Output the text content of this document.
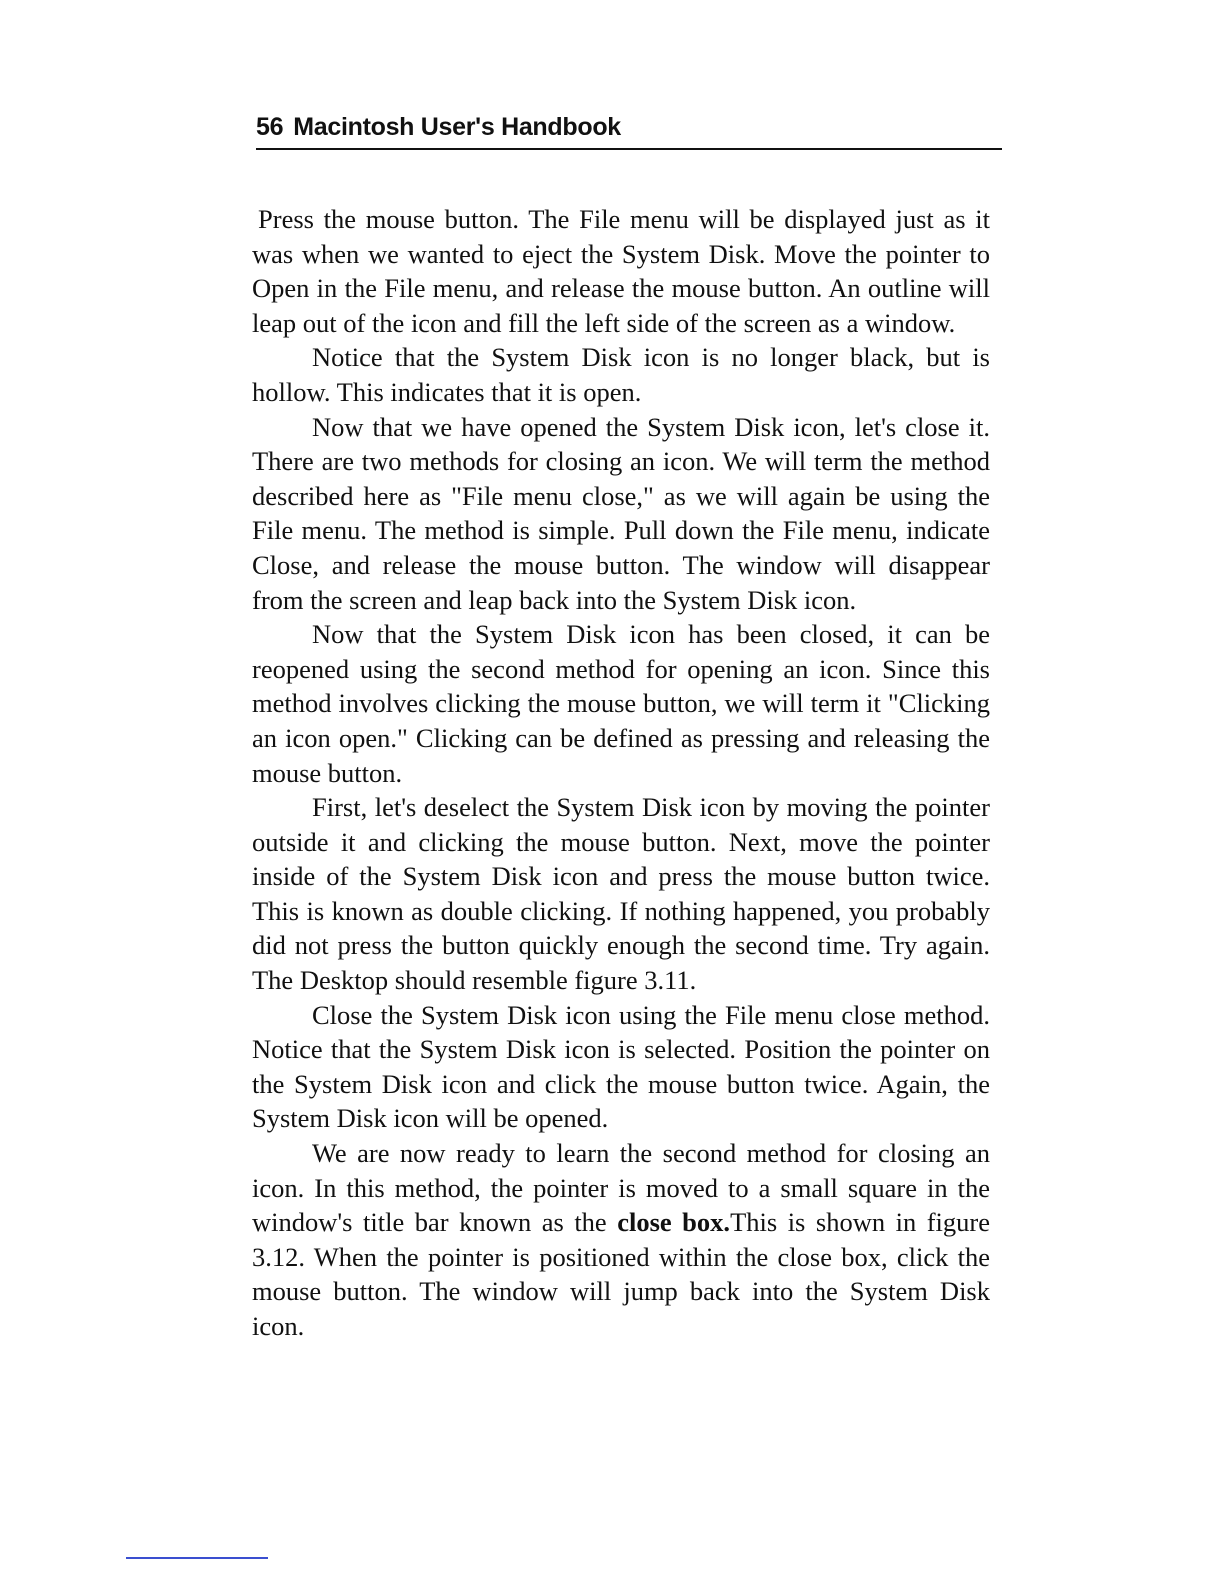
56 Macintosh User's Handbook

Press the mouse button. The File menu will be displayed just as it was when we wanted to eject the System Disk. Move the pointer to Open in the File menu, and release the mouse button. An outline will leap out of the icon and fill the left side of the screen as a window.

Notice that the System Disk icon is no longer black, but is hollow. This indicates that it is open.

Now that we have opened the System Disk icon, let's close it. There are two methods for closing an icon. We will term the method described here as "File menu close," as we will again be using the File menu. The method is simple. Pull down the File menu, indicate Close, and release the mouse button. The window will disappear from the screen and leap back into the System Disk icon.

Now that the System Disk icon has been closed, it can be reopened using the second method for opening an icon. Since this method involves clicking the mouse button, we will term it "Clicking an icon open." Clicking can be defined as pressing and releasing the mouse button.

First, let's deselect the System Disk icon by moving the pointer outside it and clicking the mouse button. Next, move the pointer inside of the System Disk icon and press the mouse button twice. This is known as double clicking. If nothing happened, you probably did not press the button quickly enough the second time. Try again. The Desktop should resemble figure 3.11.

Close the System Disk icon using the File menu close method. Notice that the System Disk icon is selected. Position the pointer on the System Disk icon and click the mouse button twice. Again, the System Disk icon will be opened.

We are now ready to learn the second method for closing an icon. In this method, the pointer is moved to a small square in the window's title bar known as the close box.This is shown in figure 3.12. When the pointer is positioned within the close box, click the mouse button. The window will jump back into the System Disk icon.
